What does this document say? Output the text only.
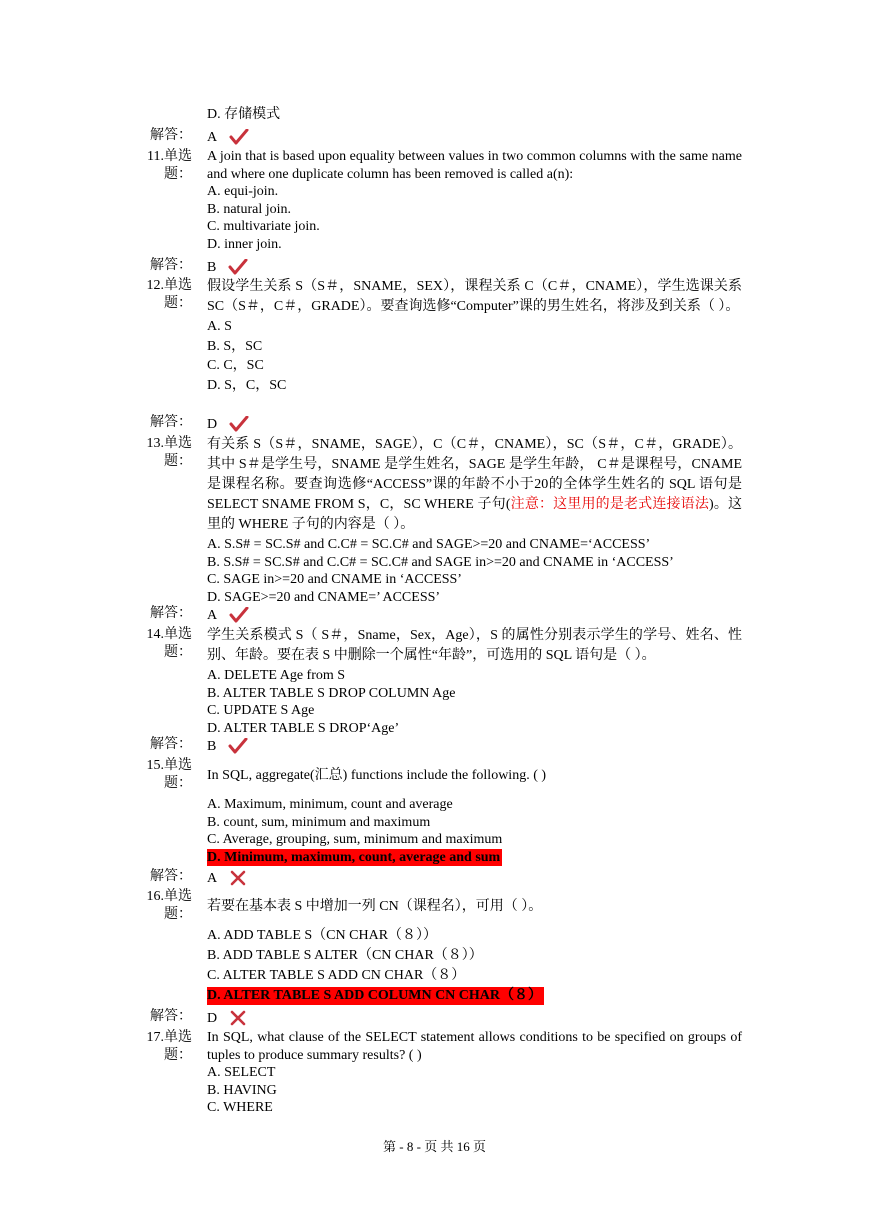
D. 存储模式
解答： A
11.单选题：
A join that is based upon equality between values in two common columns with the same name and where one duplicate column has been removed is called a(n):
A. equi-join.
B. natural join.
C. multivariate join.
D. inner join.
解答： B
12.单选题：
假设学生关系 S（S＃，SNAME，SEX），课程关系 C（C＃，CNAME），学生选课关系 SC（S＃，C＃，GRADE）。要查询选修“Computer”课的男生姓名，将涉及到关系（ ）。
A. S
B. S，SC
C. C，SC
D. S，C，SC
解答： D
13.单选题：
有关系 S（S＃，SNAME，SAGE），C（C＃，CNAME），SC（S＃，C＃，GRADE）。其中 S＃是学生号，SNAME 是学生姓名，SAGE 是学生年龄， C＃是课程号，CNAME 是课程名称。要查询选修“ACCESS”课的年龄不小于20的全体学生姓名的 SQL 语句是 SELECT SNAME FROM S，C，SC WHERE 子句(注意：这里用的是老式连接语法)。这里的 WHERE 子句的内容是（ ）。
A. S.S# = SC.S# and C.C# = SC.C# and SAGE>=20 and CNAME=‘ACCESS’
B. S.S# = SC.S# and C.C# = SC.C# and SAGE in>=20 and CNAME in ‘ACCESS’
C. SAGE in>=20 and CNAME in ‘ACCESS’
D. SAGE>=20 and CNAME=’ ACCESS’
解答： A
14.单选题：
学生关系模式 S（ S＃，Sname，Sex，Age），S 的属性分别表示学生的学号、姓名、性别、年龄。要在表 S 中删除一个属性“年龄”，可选用的 SQL 语句是（ ）。
A. DELETE Age from S
B. ALTER TABLE S DROP COLUMN Age
C. UPDATE S Age
D. ALTER TABLE S DROP‘Age’
解答： B
15.单选题：
In SQL, aggregate(汇总) functions include the following. ( )
A. Maximum, minimum, count and average
B. count, sum, minimum and maximum
C. Average, grouping, sum, minimum and maximum
D. Minimum, maximum, count, average and sum
解答： A
16.单选题：
若要在基本表 S 中增加一列 CN（课程名），可用（ ）。
A. ADD TABLE S（CN CHAR（８））
B. ADD TABLE S ALTER（CN CHAR（８））
C. ALTER TABLE S ADD CN CHAR（８）
D. ALTER TABLE S ADD COLUMN CN CHAR（８）
解答： D
17.单选题：
In SQL, what clause of the SELECT statement allows conditions to be specified on groups of tuples to produce summary results? ( )
A. SELECT
B. HAVING
C. WHERE
第 - 8 - 页 共 16 页
